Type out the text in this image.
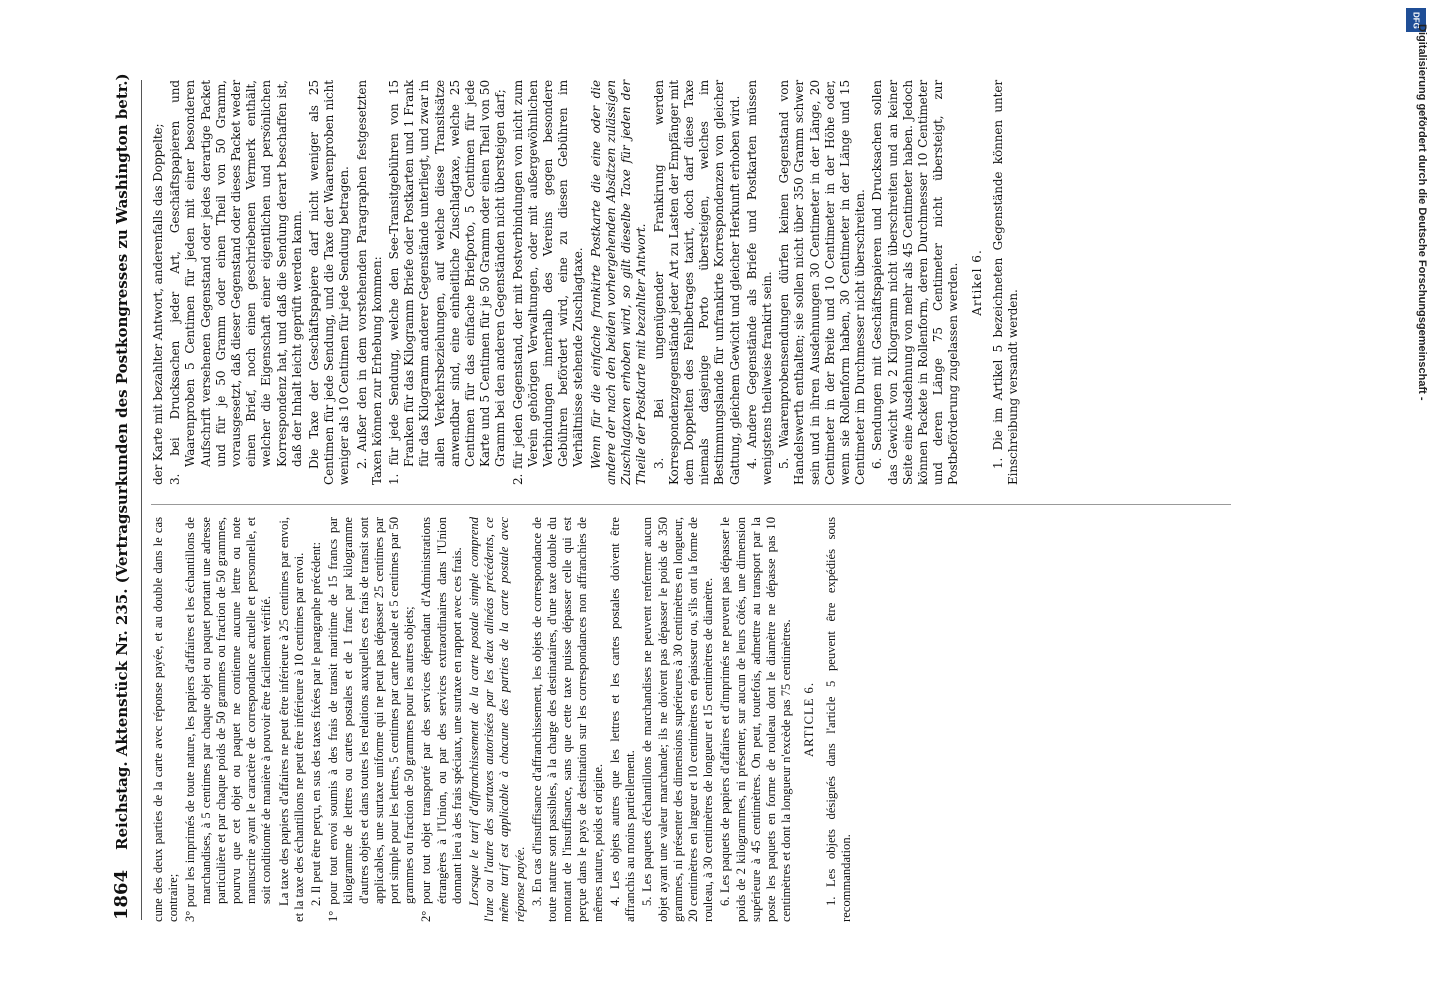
1864
Reichstag. Aktenstück Nr. 235. (Vertragsurkunden des Postkongresses zu Washington betr.) cune des deux parties de la carte avec réponse payée, et au double dans le cas contraire; 3° pour les imprimés de toute nature, les papiers d'affaires et les échantillons de marchandises, à 5 centimes par chaque objet ou paquet portant une adresse particulière et par chaque poids de 50 grammes ou fraction de 50 grammes, pourvu que cet objet ou paquet ne contienne aucune lettre ou note manuscrite ayant le caractère de correspondance actuelle et personnelle, et soit conditionné de manière à pouvoir être facilement vérifié. La taxe des papiers d'affaires ne peut être inférieure à 25 centimes par envoi, et la taxe des échantillons ne peut être inférieure à 10 centimes par envoi. 2. Il peut être perçu, en sus des taxes fixées par le paragraphe précédent: 1° pour tout envoi soumis à des frais de transit maritime de 15 francs par kilogramme de lettres ou cartes postales et de 1 franc par kilogramme d'autres objets et dans toutes les relations auxquelles ces frais de transit sont applicables, une surtaxe uniforme qui ne peut pas dépasser 25 centimes par port simple pour les lettres, 5 centimes par carte postale et 5 centimes par 50 grammes ou fraction de 50 grammes pour les autres objets; 2° pour tout objet transporté par des services dépendant d'Administrations étrangères à l'Union, ou par des services extraordinaires dans l'Union donnant lieu à des frais spéciaux, une surtaxe en rapport avec ces frais. Lorsque le tarif d'affranchissement de la carte postale simple comprend l'une ou l'autre des surtaxes autorisées par les deux alinéas précédents, ce même tarif est applicable à chacune des parties de la carte postale avec réponse payée. 3. En cas d'insuffisance d'affranchissement, les objets de correspondance de toute nature sont passibles, à la charge des destinataires, d'une taxe double du montant de l'insuffisance, sans que cette taxe puisse dépasser celle qui est perçue dans le pays de destination sur les correspondances non affranchies de mêmes nature, poids et origine. 4. Les objets autres que les lettres et les cartes postales doivent être affranchis au moins partiellement. 5. Les paquets d'échantillons de marchandises ne peuvent renfermer aucun objet ayant une valeur marchande; ils ne doivent pas dépasser le poids de 350 grammes, ni présenter des dimensions supérieures à 30 centimètres en longueur, 20 centimètres en largeur et 10 centimètres en épaisseur ou, s'ils ont la forme de rouleau, à 30 centimètres de longueur et 15 centimètres de diamètre. 6. Les paquets de papiers d'affaires et d'imprimés ne peuvent pas dépasser le poids de 2 kilogrammes, ni présenter, sur aucun de leurs côtés, une dimension supérieure à 45 centimètres. On peut, toutefois, admettre au transport par la poste les paquets en forme de rouleau dont le diamètre ne dépasse pas 10 centimètres et dont la longueur n'excède pas 75 centimètres. ARTICLE 6. 1. Les objets désignés dans l'article 5 peuvent être expédiés sous recommandation.

der Karte mit bezahlter Antwort, anderenfalls das Doppelte; 3. bei Drucksachen jeder Art, Geschäftspapieren und Waarenproben 5 Centimen für jeden mit einer besonderen Aufschrift versehenen Gegenstand oder jedes derartige Packet und für je 50 Gramm oder einen Theil von 50 Gramm, vorausgesetzt, daß dieser Gegenstand oder dieses Packet weder einen Brief, noch einen geschriebenen Vermerk enthält, welcher die Eigenschaft einer eigentlichen und persönlichen Korrespondenz hat, und daß die Sendung derart beschaffen ist, daß der Inhalt leicht geprüft werden kann. Die Taxe der Geschäftspapiere darf nicht weniger als 25 Centimen für jede Sendung, und die Taxe der Waarenproben nicht weniger als 10 Centimen für jede Sendung betragen. 2. Außer den in dem vorstehenden Paragraphen festgesetzten Taxen können zur Erhebung kommen: 1. für jede Sendung, welche den See-Transitgebühren von 15 Franken für das Kilogramm Briefe oder Postkarten und 1 Frank für das Kilogramm anderer Gegenstände unterliegt, und zwar in allen Verkehrsbeziehungen, auf welche diese Transitsätze anwendbar sind, eine einheitliche Zuschlagtaxe, welche 25 Centimen für das einfache Briefporto, 5 Centimen für jede Karte und 5 Centimen für je 50 Gramm oder einen Theil von 50 Gramm bei den anderen Gegenständen nicht übersteigen darf; 2. für jeden Gegenstand, der mit Postverbindungen von nicht zum Verein gehörigen Verwaltungen, oder mit außergewöhnlichen Verbindungen innerhalb des Vereins gegen besondere Gebühren befördert wird, eine zu diesen Gebühren im Verhältnisse stehende Zuschlagtaxe. Wenn für die einfache frankirte Postkarte die eine oder die andere der nach den beiden vorhergehenden Absätzen zulässigen Zuschlagtaxen erhoben wird, so gilt dieselbe Taxe für jeden der Theile der Postkarte mit bezahlter Antwort. 3. Bei ungenügender Frankirung werden Korrespondenzgegenstände jeder Art zu Lasten der Empfänger mit dem Doppelten des Fehlbetrages taxirt, doch darf diese Taxe niemals dasjenige Porto übersteigen, welches im Bestimmungslande für unfrankirte Korrespondenzen von gleicher Gattung, gleichem Gewicht und gleicher Herkunft erhoben wird. 4. Andere Gegenstände als Briefe und Postkarten müssen wenigstens theilweise frankirt sein. 5. Waarenprobensendungen dürfen keinen Gegenstand von Handelswerth enthalten; sie sollen nicht über 350 Gramm schwer sein und in ihren Ausdehnungen 30 Centimeter in der Länge, 20 Centimeter in der Breite und 10 Centimeter in der Höhe oder, wenn sie Rollenform haben, 30 Centimeter in der Länge und 15 Centimeter im Durchmesser nicht überschreiten. 6. Sendungen mit Geschäftspapieren und Drucksachen sollen das Gewicht von 2 Kilogramm nicht überschreiten und an keiner Seite eine Ausdehnung von mehr als 45 Centimeter haben. Jedoch können Packete in Rollenform, deren Durchmesser 10 Centimeter und deren Länge 75 Centimeter nicht übersteigt, zur Postbeförderung zugelassen werden. Artikel 6. 1. Die im Artikel 5 bezeichneten Gegenstände können unter Einschreibung versandt werden.

DFG
Digitalisierung gefördert durch die Deutsche Forschungsgemeinschaft -
